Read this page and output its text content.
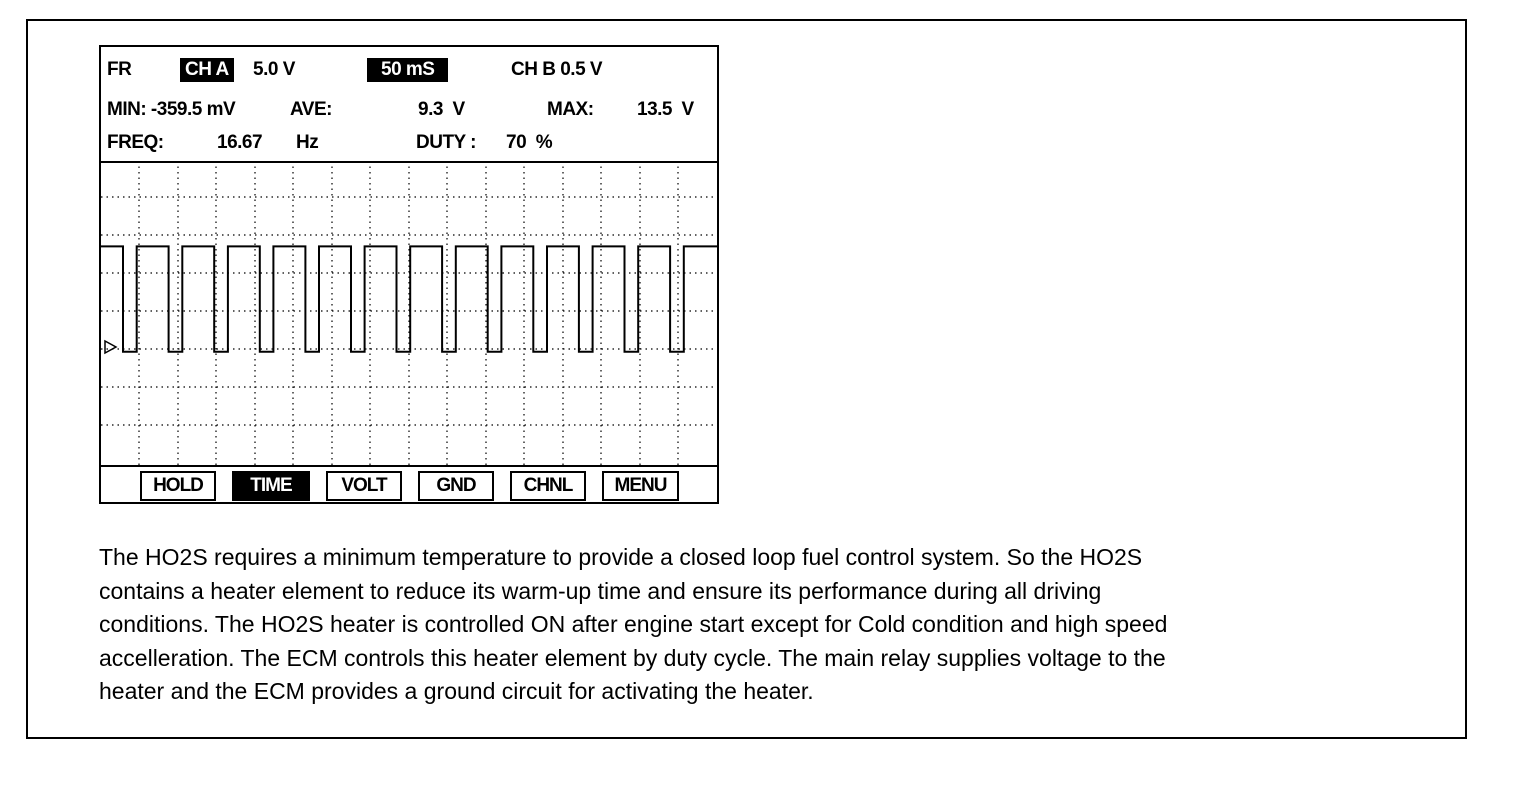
FR	CH A 5.0 V	50 mS	CH B 0.5 V
MIN: -359.5 mV	AVE:	9.3  V	MAX: 13.5  V
FREQ:	16.67 Hz	DUTY : 70  %
HOLD	TIME	VOLT	GND	CHNL	MENU
The HO2S requires a minimum temperature to provide a closed loop fuel control system. So the HO2S
contains a heater element to reduce its warm-up time and ensure its performance during all driving
conditions. The HO2S heater is controlled ON after engine start except for Cold condition and high speed
accelleration. The ECM controls this heater element by duty cycle. The main relay supplies voltage to the
heater and the ECM provides a ground circuit for activating the heater.
